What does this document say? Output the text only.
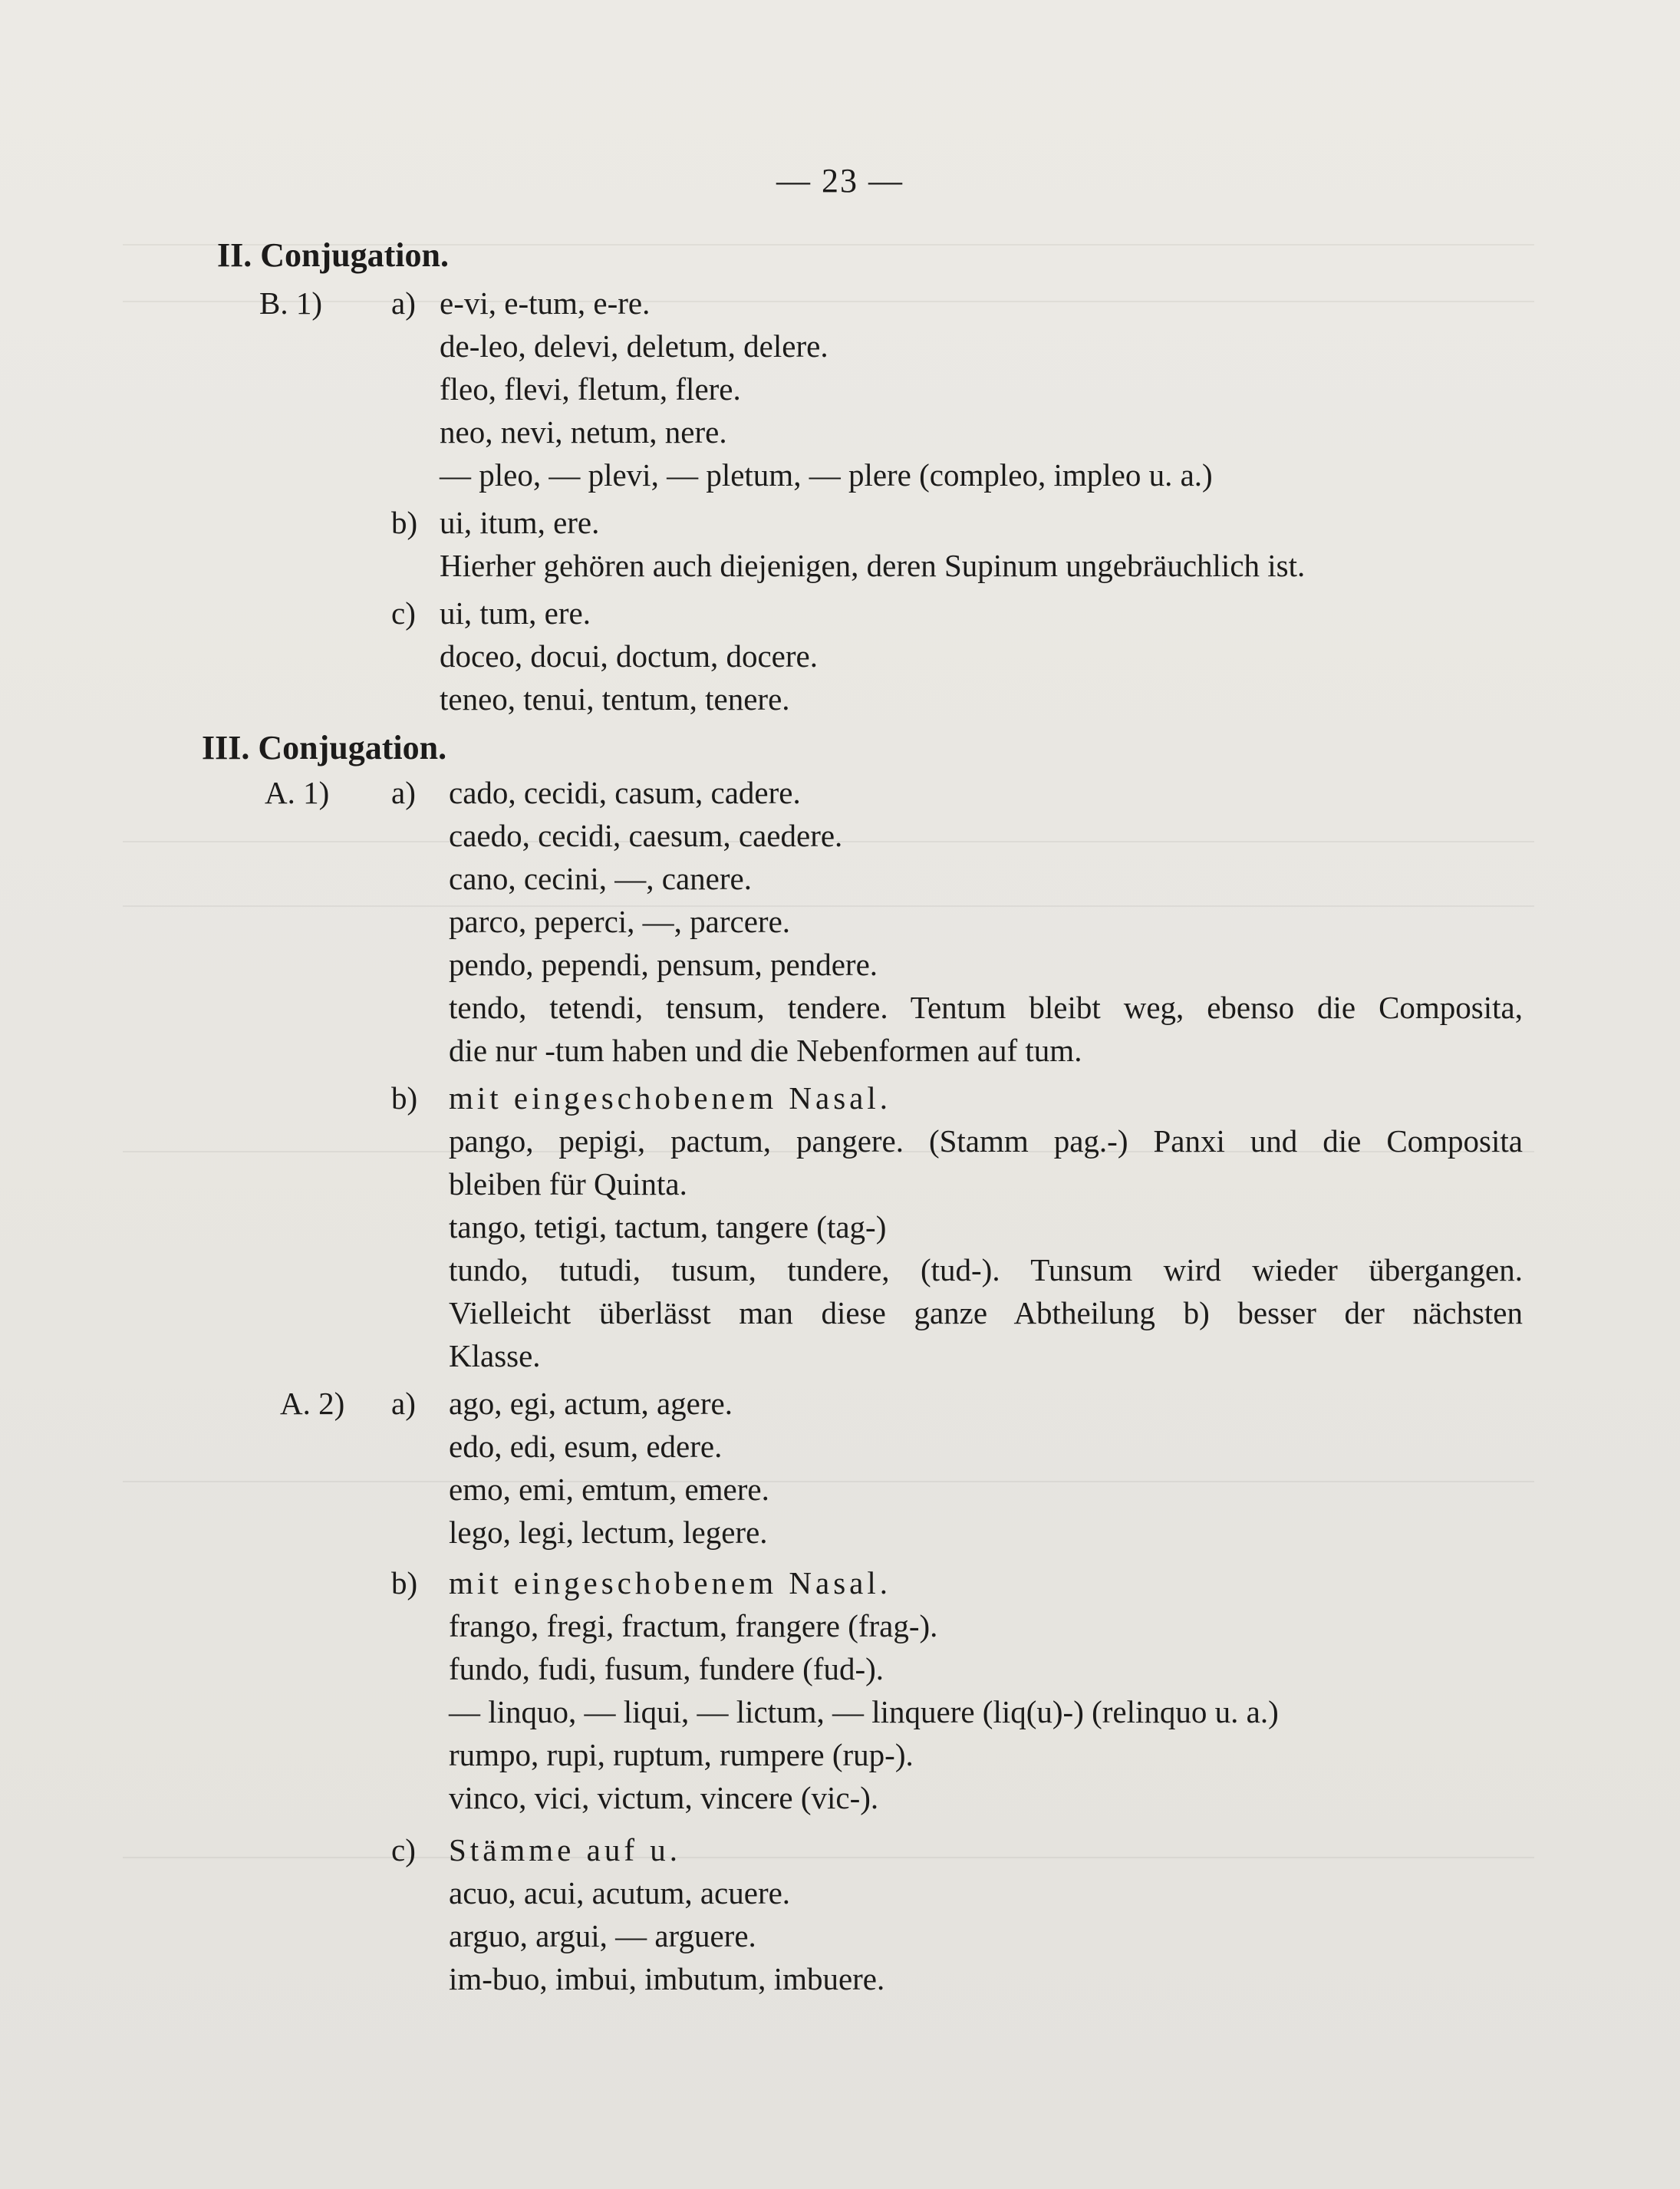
— 23 —
II. Conjugation.
B. 1) a) e-vi, e-tum, e-re.
de-leo, delevi, deletum, delere.
fleo, flevi, fletum, flere.
neo, nevi, netum, nere.
— pleo, — plevi, — pletum, — plere (compleo, impleo u. a.)
b) ui, itum, ere.
Hierher gehören auch diejenigen, deren Supinum ungebräuchlich ist.
c) ui, tum, ere.
doceo, docui, doctum, docere.
teneo, tenui, tentum, tenere.
III. Conjugation.
A. 1) a) cado, cecidi, casum, cadere.
caedo, cecidi, caesum, caedere.
cano, cecini, —, canere.
parco, peperci, —, parcere.
pendo, pependi, pensum, pendere.
tendo, tetendi, tensum, tendere. Tentum bleibt weg, ebenso die Composita,
die nur -tum haben und die Nebenformen auf tum.
b) mit eingeschobenem Nasal.
pango, pepigi, pactum, pangere. (Stamm pag.-) Panxi und die Composita
bleiben für Quinta.
tango, tetigi, tactum, tangere (tag-)
tundo, tutudi, tusum, tundere, (tud-). Tunsum wird wieder übergangen.
Vielleicht überlässt man diese ganze Abtheilung b) besser der nächsten
Klasse.
A. 2) a) ago, egi, actum, agere.
edo, edi, esum, edere.
emo, emi, emtum, emere.
lego, legi, lectum, legere.
b) mit eingeschobenem Nasal.
frango, fregi, fractum, frangere (frag-).
fundo, fudi, fusum, fundere (fud-).
— linquo, — liqui, — lictum, — linquere (liq(u)-) (relinquo u. a.)
rumpo, rupi, ruptum, rumpere (rup-).
vinco, vici, victum, vincere (vic-).
c) Stämme auf u.
acuo, acui, acutum, acuere.
arguo, argui, — arguere.
im-buo, imbui, imbutum, imbuere.
